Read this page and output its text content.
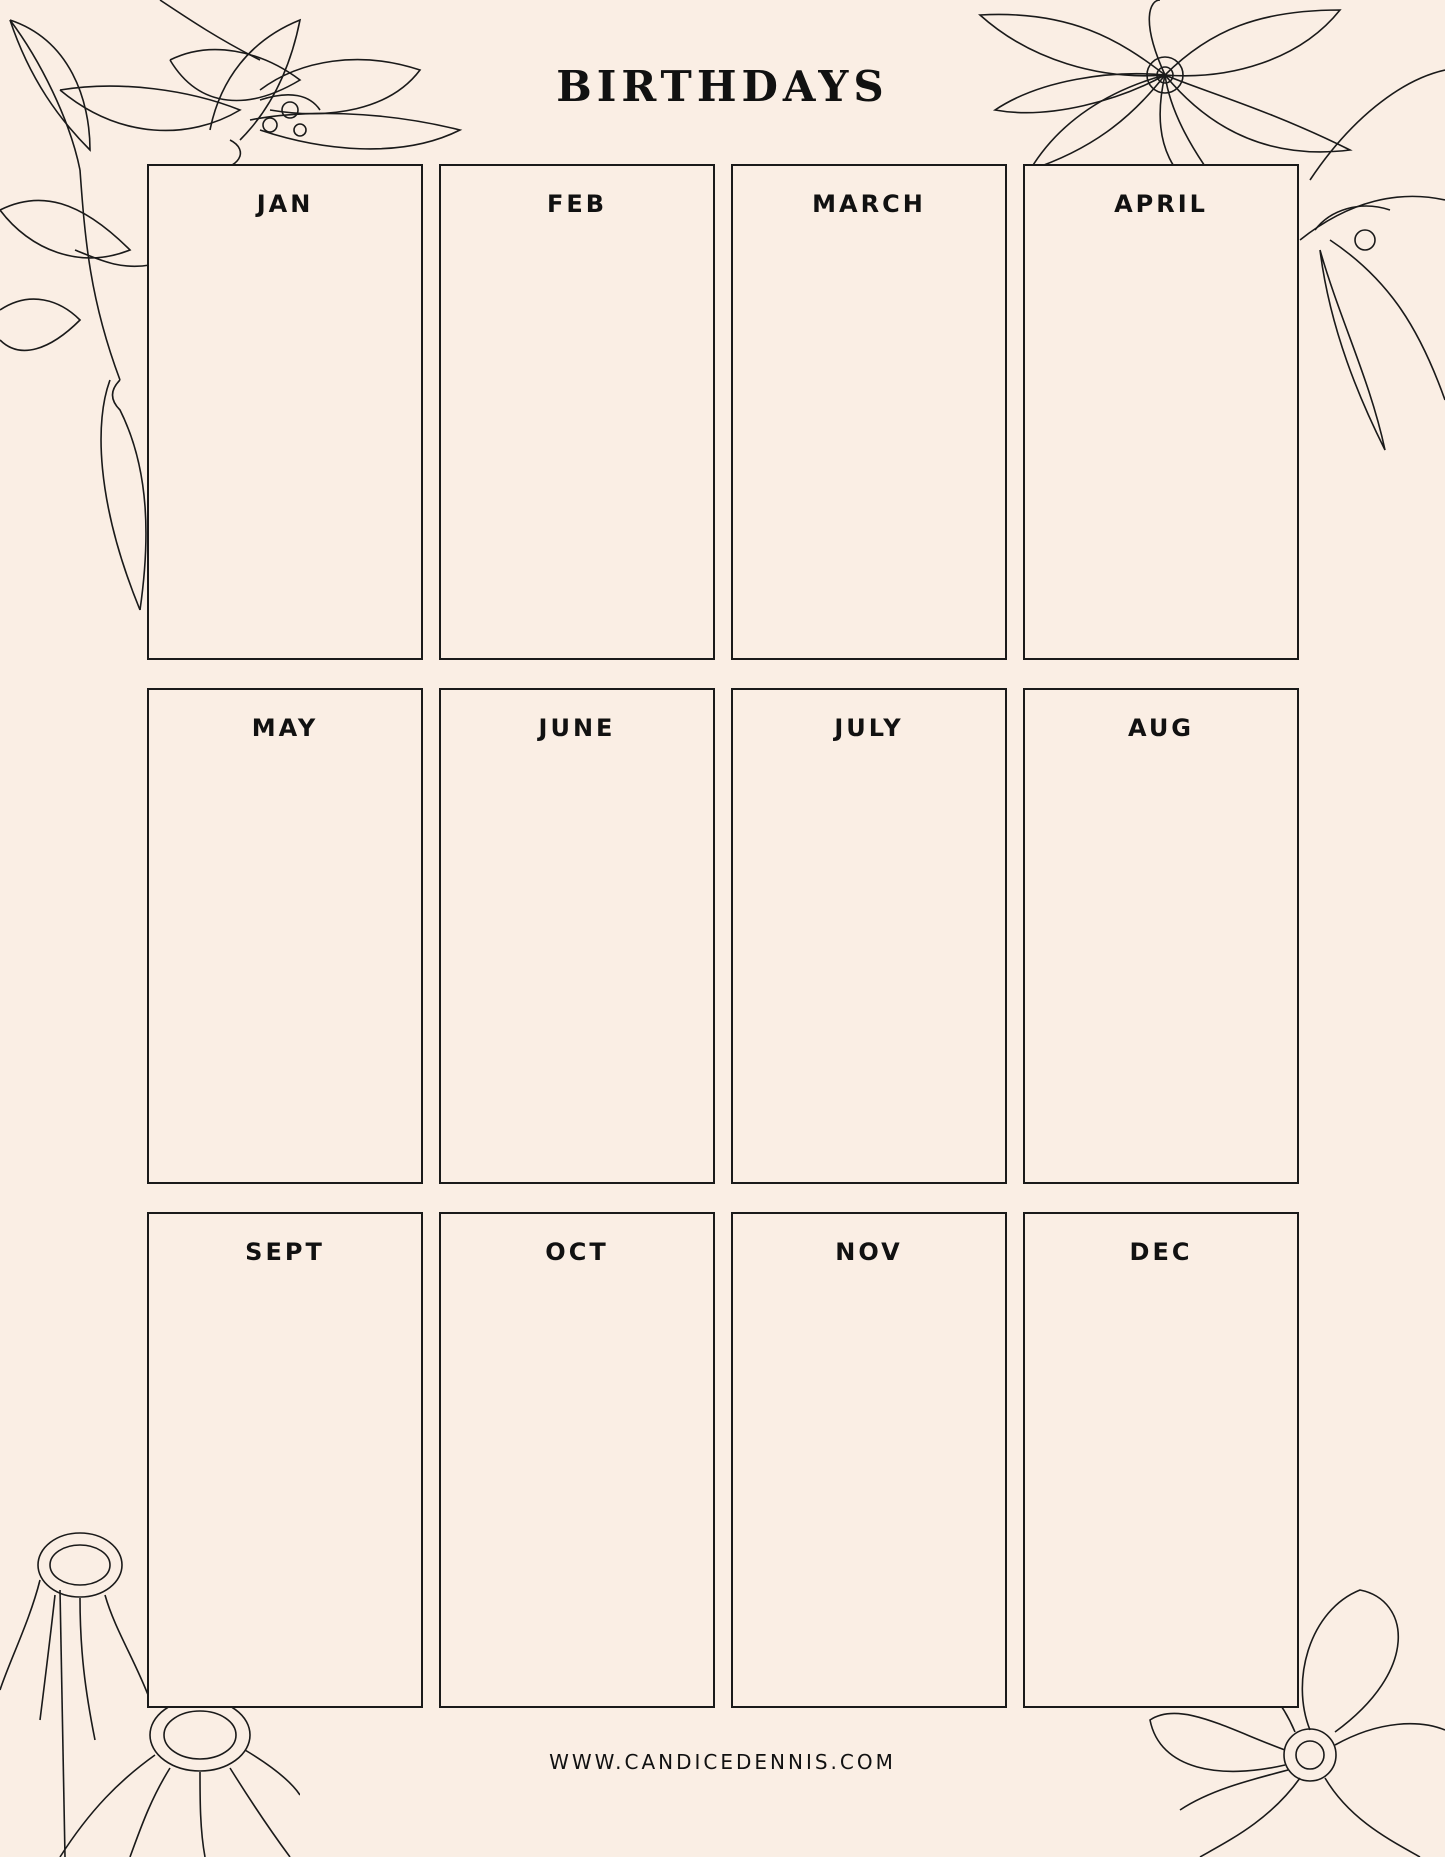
BIRTHDAYS
JAN	FEB	MARCH	APRIL
MAY	JUNE	JULY	AUG
SEPT	OCT	NOV	DEC
WWW.CANDICEDENNIS.COM
